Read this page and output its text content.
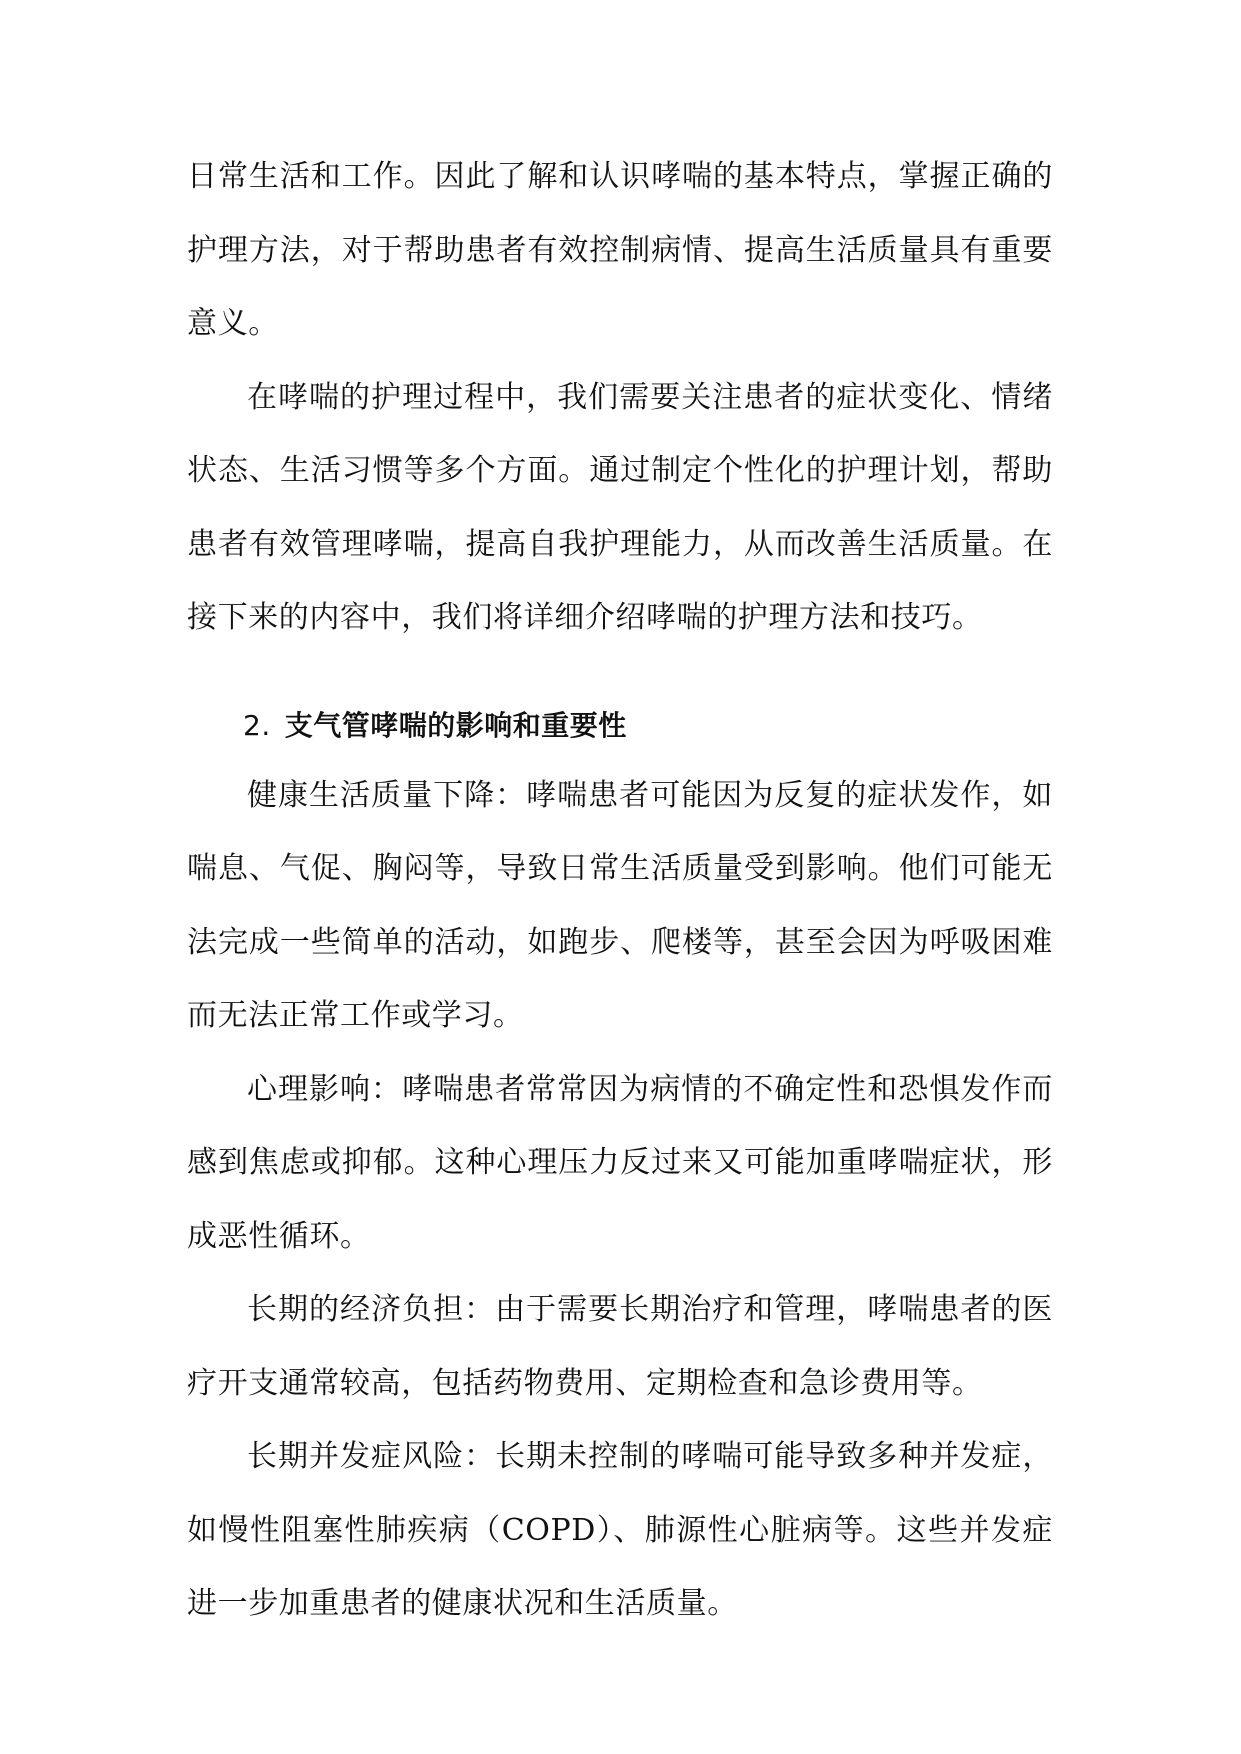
日常生活和工作。因此了解和认识哮喘的基本特点，掌握正确的护理方法，对于帮助患者有效控制病情、提高生活质量具有重要意义。

在哮喘的护理过程中，我们需要关注患者的症状变化、情绪状态、生活习惯等多个方面。通过制定个性化的护理计划，帮助患者有效管理哮喘，提高自我护理能力，从而改善生活质量。在接下来的内容中，我们将详细介绍哮喘的护理方法和技巧。

2. 支气管哮喘的影响和重要性

健康生活质量下降：哮喘患者可能因为反复的症状发作，如喘息、气促、胸闷等，导致日常生活质量受到影响。他们可能无法完成一些简单的活动，如跑步、爬楼等，甚至会因为呼吸困难而无法正常工作或学习。

心理影响：哮喘患者常常因为病情的不确定性和恐惧发作而感到焦虑或抑郁。这种心理压力反过来又可能加重哮喘症状，形成恶性循环。

长期的经济负担：由于需要长期治疗和管理，哮喘患者的医疗开支通常较高，包括药物费用、定期检查和急诊费用等。

长期并发症风险：长期未控制的哮喘可能导致多种并发症，如慢性阻塞性肺疾病（COPD）、肺源性心脏病等。这些并发症进一步加重患者的健康状况和生活质量。
